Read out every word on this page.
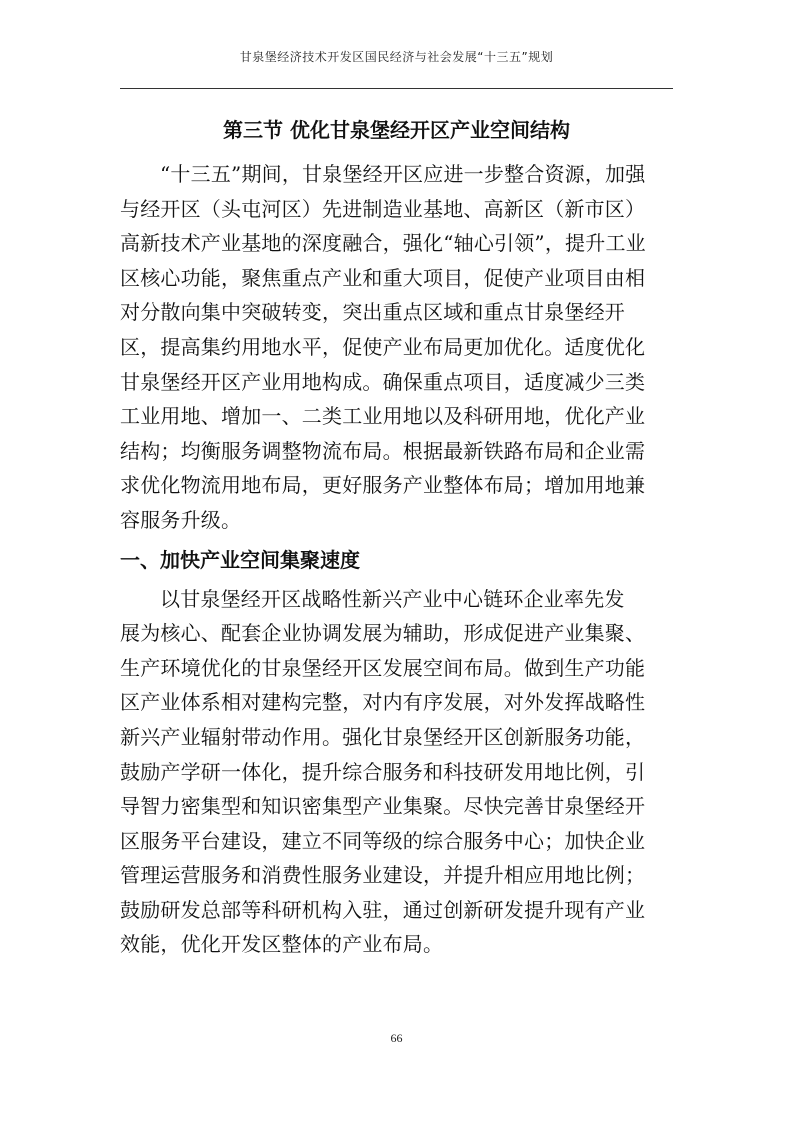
甘泉堡经济技术开发区国民经济与社会发展“十三五”规划
第三节 优化甘泉堡经开区产业空间结构

“十三五”期间，甘泉堡经开区应进一步整合资源，加强
与经开区（头屯河区）先进制造业基地、高新区（新市区）
高新技术产业基地的深度融合，强化“轴心引领”，提升工业
区核心功能，聚焦重点产业和重大项目，促使产业项目由相
对分散向集中突破转变，突出重点区域和重点甘泉堡经开
区，提高集约用地水平，促使产业布局更加优化。适度优化
甘泉堡经开区产业用地构成。确保重点项目，适度减少三类
工业用地、增加一、二类工业用地以及科研用地，优化产业
结构；均衡服务调整物流布局。根据最新铁路布局和企业需
求优化物流用地布局，更好服务产业整体布局；增加用地兼
容服务升级。

一、加快产业空间集聚速度

以甘泉堡经开区战略性新兴产业中心链环企业率先发
展为核心、配套企业协调发展为辅助，形成促进产业集聚、
生产环境优化的甘泉堡经开区发展空间布局。做到生产功能
区产业体系相对建构完整，对内有序发展，对外发挥战略性
新兴产业辐射带动作用。强化甘泉堡经开区创新服务功能，
鼓励产学研一体化，提升综合服务和科技研发用地比例，引
导智力密集型和知识密集型产业集聚。尽快完善甘泉堡经开
区服务平台建设，建立不同等级的综合服务中心；加快企业
管理运营服务和消费性服务业建设，并提升相应用地比例；
鼓励研发总部等科研机构入驻，通过创新研发提升现有产业
效能，优化开发区整体的产业布局。

66
